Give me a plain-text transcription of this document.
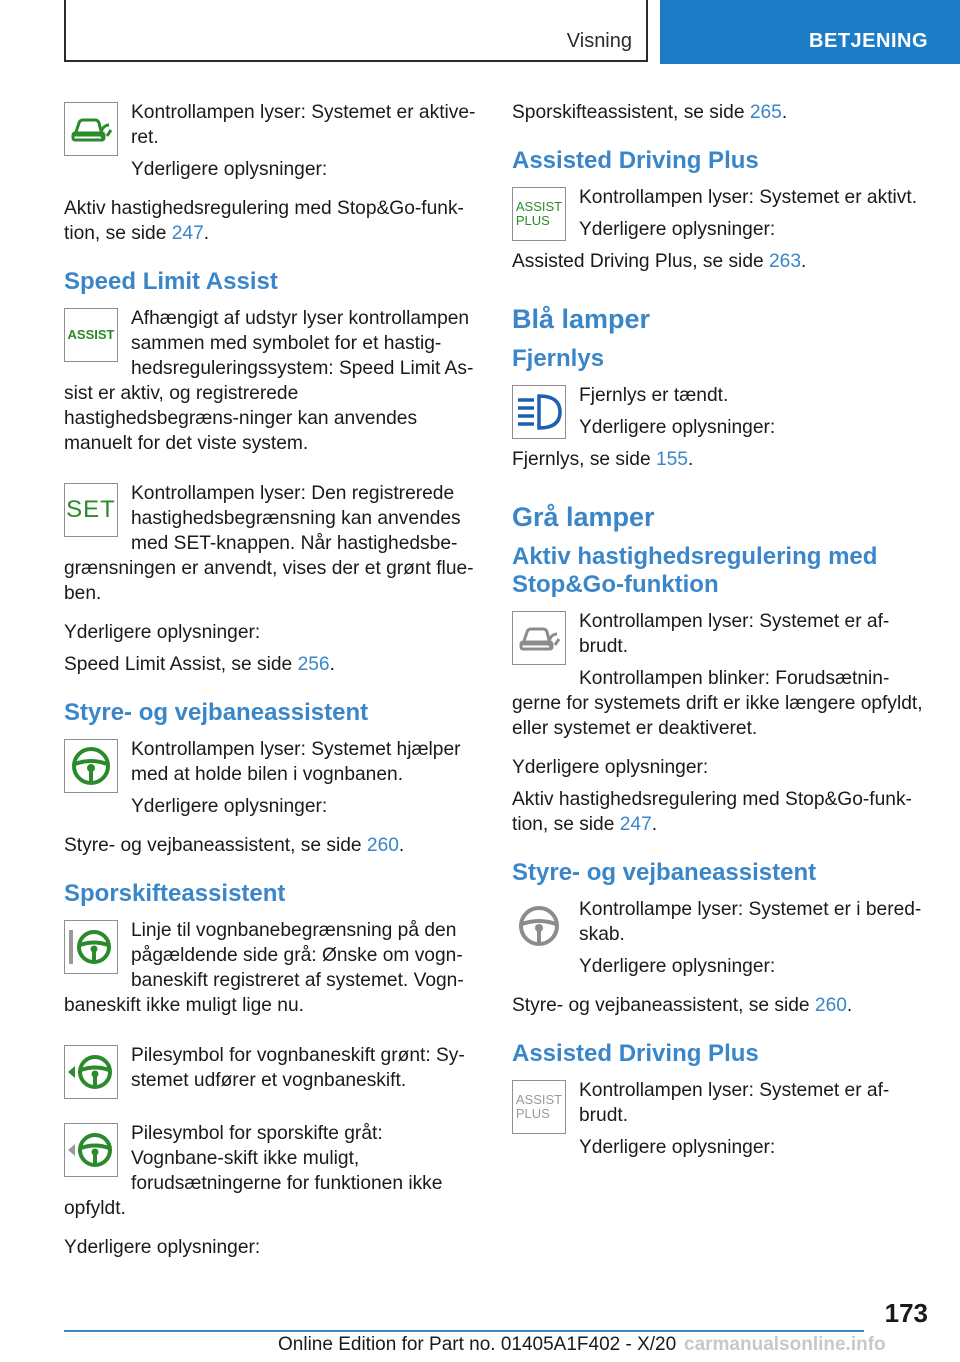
Visning	BETJENING

Kontrollampen lyser: Systemet er aktive-ret.

Yderligere oplysninger:

Aktiv hastighedsregulering med Stop&Go-funk-tion, se side 247.

Speed Limit Assist
ASSIST

Afhængigt af udstyr lyser kontrollampen sammen med symbolet for et hastig-hedsreguleringssystem: Speed Limit As-sist er aktiv, og registrerede hastighedsbegræns-ninger kan anvendes manuelt for det viste system.

SET

Kontrollampen lyser: Den registrerede hastighedsbegrænsning kan anvendes med SET-knappen. Når hastighedsbe-grænsningen er anvendt, vises der et grønt flue-ben.

Yderligere oplysninger:

Speed Limit Assist, se side 256.

Styre- og vejbaneassistent

Kontrollampen lyser: Systemet hjælper med at holde bilen i vognbanen.

Yderligere oplysninger:

Styre- og vejbaneassistent, se side 260.

Sporskifteassistent

Linje til vognbanebegrænsning på den pågældende side grå: Ønske om vogn-baneskift registreret af systemet. Vogn-baneskift ikke muligt lige nu.

Pilesymbol for vognbaneskift grønt: Sy-stemet udfører et vognbaneskift.

Pilesymbol for sporskifte gråt: Vognbane-skift ikke muligt, forudsætningerne for funktionen ikke opfyldt.

Yderligere oplysninger:

Sporskifteassistent, se side 265.

Assisted Driving Plus
ASSIST
PLUS

Kontrollampen lyser: Systemet er aktivt.

Yderligere oplysninger:

Assisted Driving Plus, se side 263.

Blå lamper
Fjernlys

Fjernlys er tændt.

Yderligere oplysninger:

Fjernlys, se side 155.

Grå lamper
Aktiv hastighedsregulering med Stop&Go-funktion

Kontrollampen lyser: Systemet er af-brudt.

Kontrollampen blinker: Forudsætnin-gerne for systemets drift er ikke længere opfyldt, eller systemet er deaktiveret.

Yderligere oplysninger:

Aktiv hastighedsregulering med Stop&Go-funk-tion, se side 247.

Styre- og vejbaneassistent

Kontrollampe lyser: Systemet er i bered-skab.

Yderligere oplysninger:

Styre- og vejbaneassistent, se side 260.

Assisted Driving Plus
ASSIST
PLUS

Kontrollampen lyser: Systemet er af-brudt.

Yderligere oplysninger:

173
Online Edition for Part no. 01405A1F402 - X/20 carmanualsonline.info
